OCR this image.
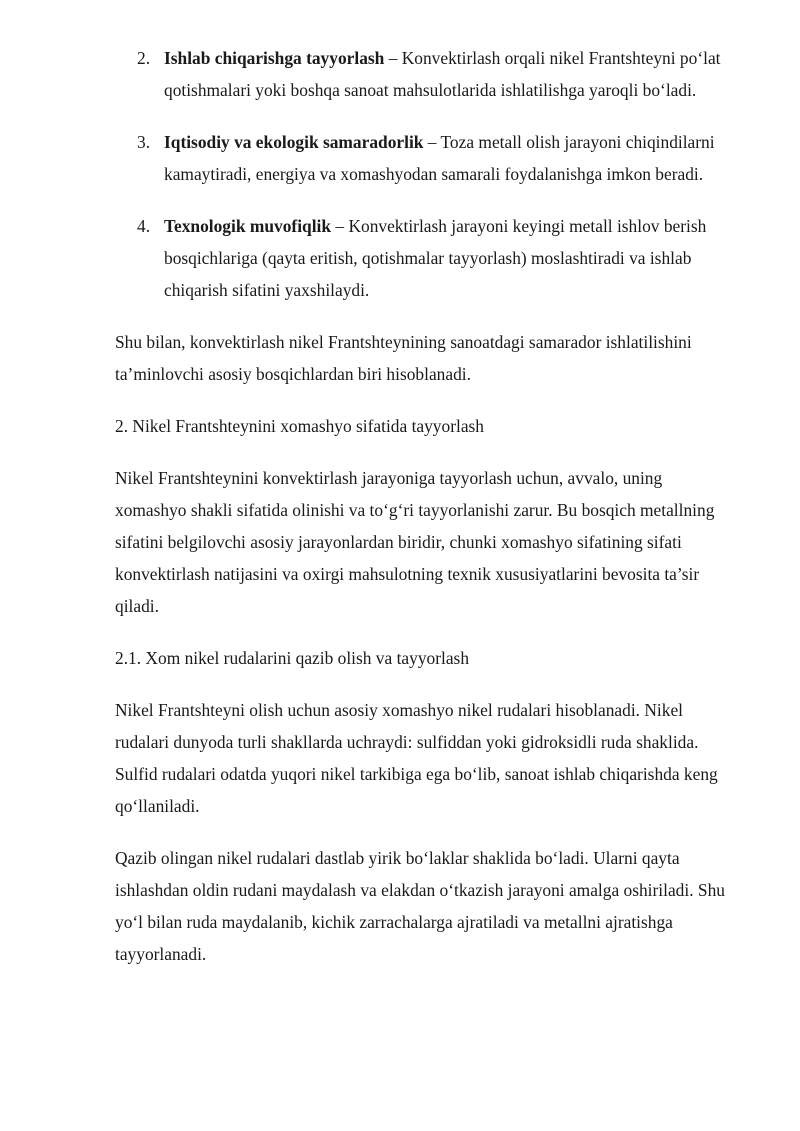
2. Ishlab chiqarishga tayyorlash – Konvektirlash orqali nikel Frantshteyni po‘lat qotishmalari yoki boshqa sanoat mahsulotlarida ishlatilishga yaroqli bo‘ladi.
3. Iqtisodiy va ekologik samaradorlik – Toza metall olish jarayoni chiqindilarni kamaytiradi, energiya va xomashyodan samarali foydalanishga imkon beradi.
4. Texnologik muvofiqlik – Konvektirlash jarayoni keyingi metall ishlov berish bosqichlariga (qayta eritish, qotishmalar tayyorlash) moslashtiradi va ishlab chiqarish sifatini yaxshilaydi.

Shu bilan, konvektirlash nikel Frantshteynining sanoatdagi samarador ishlatilishini ta’minlovchi asosiy bosqichlardan biri hisoblanadi.

2. Nikel Frantshteynini xomashyo sifatida tayyorlash

Nikel Frantshteynini konvektirlash jarayoniga tayyorlash uchun, avvalo, uning xomashyo shakli sifatida olinishi va to‘g‘ri tayyorlanishi zarur. Bu bosqich metallning sifatini belgilovchi asosiy jarayonlardan biridir, chunki xomashyo sifatining sifati konvektirlash natijasini va oxirgi mahsulotning texnik xususiyatlarini bevosita ta’sir qiladi.

2.1. Xom nikel rudalarini qazib olish va tayyorlash

Nikel Frantshteyni olish uchun asosiy xomashyo nikel rudalari hisoblanadi. Nikel rudalari dunyoda turli shakllarda uchraydi: sulfiddan yoki gidroksidli ruda shaklida. Sulfid rudalari odatda yuqori nikel tarkibiga ega bo‘lib, sanoat ishlab chiqarishda keng qo‘llaniladi.

Qazib olingan nikel rudalari dastlab yirik bo‘laklar shaklida bo‘ladi. Ularni qayta ishlashdan oldin rudani maydalash va elakdan o‘tkazish jarayoni amalga oshiriladi. Shu yo‘l bilan ruda maydalanib, kichik zarrachalarga ajratiladi va metallni ajratishga tayyorlanadi.
